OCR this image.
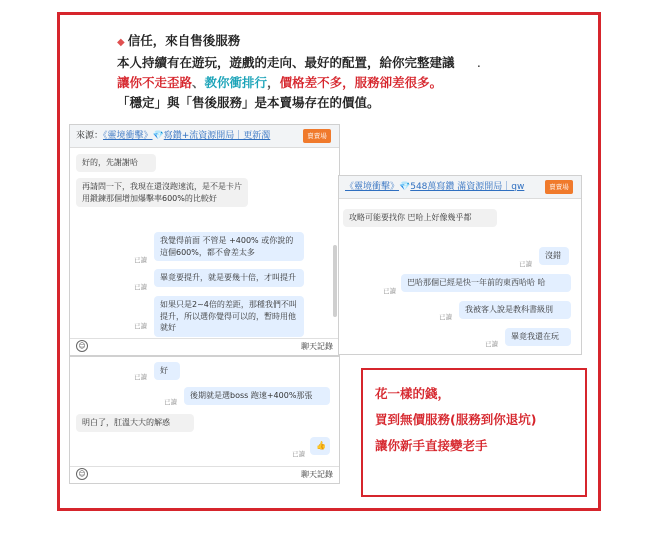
◆ 信任，來自售後服務
本人持續有在遊玩，遊戲的走向、最好的配置，給你完整建議 .
讓你不走歪路、教你衝排行，價格差不多，服務卻差很多。
「穩定」與「售後服務」是本賣場存在的價值。
來源：《靈境衝擊》💎寫鑽+流資源開局｜更新濁	賣賣場
好的，先謝謝哈
再請問一下，我現在還沒跑速流，是不是卡片用鍛鍊那個增加爆擊率600%的比較好
我覺得前面 不管是 +400% 或你說的這個600%，都不會差太多
已讀
畢竟要提升，就是要幾十倍，才叫提升
已讀
如果只是2~4倍的差距，那種我們不叫提升，所以選你覺得可以的，暫時用他就好
已讀
☺	聊天記錄
好
已讀
後期就是選boss 跑速+400%那張
已讀
明白了，肛溫大大的解惑
👍
已讀
☺	聊天記錄
《靈境衝擊》💎548萬寫鑽 滿資源開局｜qw	賣賣場
攻略可能要找你 巴哈上好像幾乎都
沒錯
已讀
巴哈那個已經是快一年前的東西哈哈 哈
已讀
我被客人說是教科書級別
已讀
畢竟我還在玩
已讀
花一樣的錢，
買到無價服務(服務到你退坑)
讓你新手直接變老手
